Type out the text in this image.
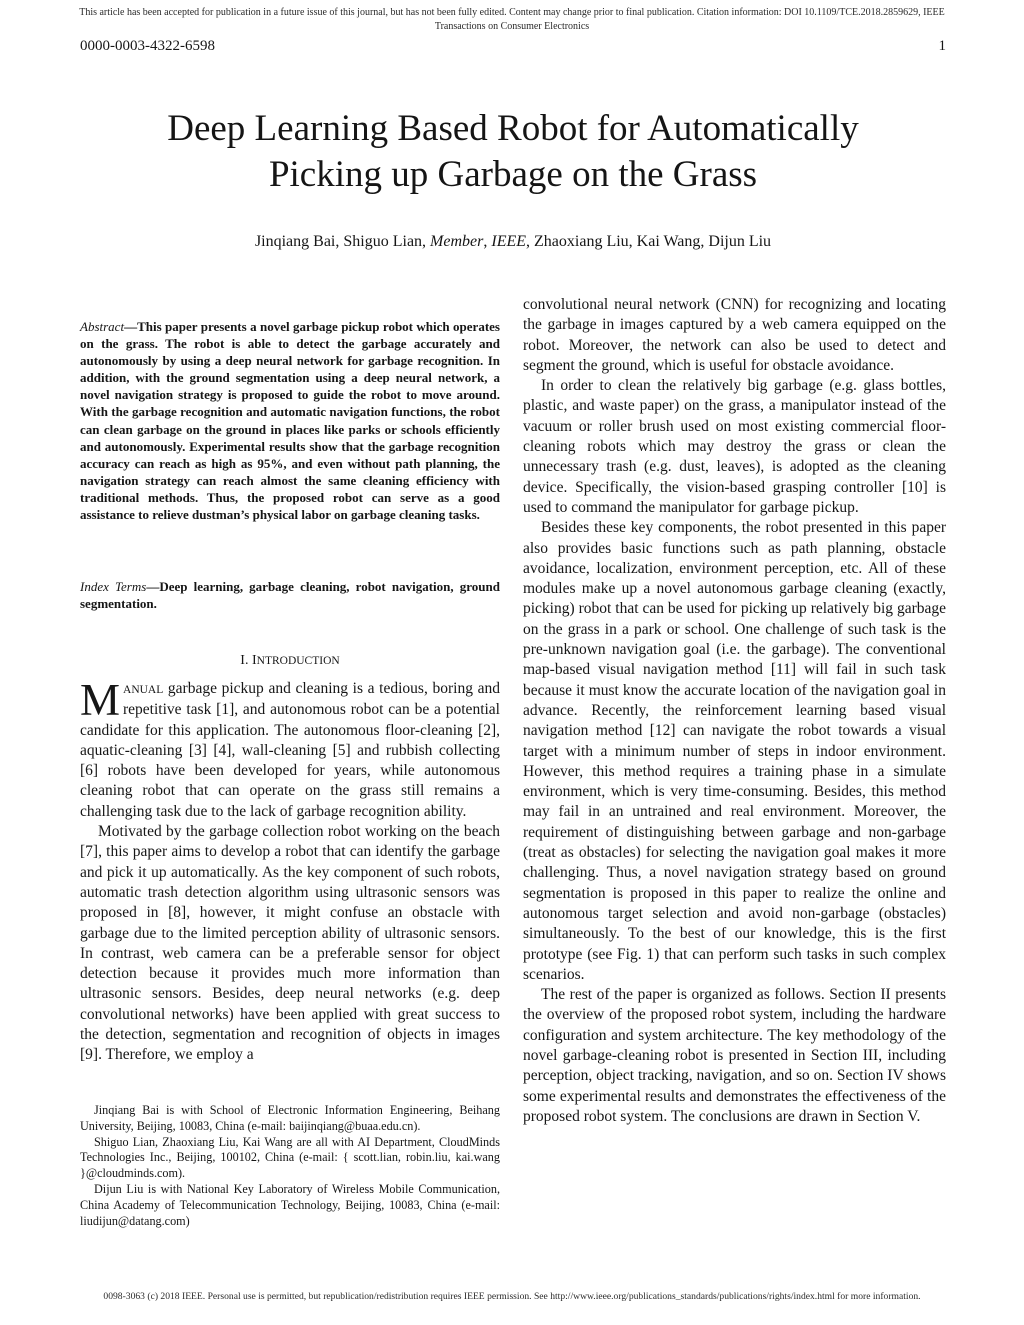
This article has been accepted for publication in a future issue of this journal, but has not been fully edited. Content may change prior to final publication. Citation information: DOI 10.1109/TCE.2018.2859629, IEEE
Transactions on Consumer Electronics
0000-0003-4322-6598	1
Deep Learning Based Robot for Automatically
Picking up Garbage on the Grass
Jinqiang Bai, Shiguo Lian, Member, IEEE, Zhaoxiang Liu, Kai Wang, Dijun Liu
Abstract—This paper presents a novel garbage pickup robot which operates on the grass. The robot is able to detect the garbage accurately and autonomously by using a deep neural network for garbage recognition. In addition, with the ground segmentation using a deep neural network, a novel navigation strategy is proposed to guide the robot to move around. With the garbage recognition and automatic navigation functions, the robot can clean garbage on the ground in places like parks or schools efficiently and autonomously. Experimental results show that the garbage recognition accuracy can reach as high as 95%, and even without path planning, the navigation strategy can reach almost the same cleaning efficiency with traditional methods. Thus, the proposed robot can serve as a good assistance to relieve dustman’s physical labor on garbage cleaning tasks.
Index Terms—Deep learning, garbage cleaning, robot navigation, ground segmentation.
I. INTRODUCTION

MANUAL garbage pickup and cleaning is a tedious, boring and repetitive task [1], and autonomous robot can be a potential candidate for this application. The autonomous floor-cleaning [2], aquatic-cleaning [3] [4], wall-cleaning [5] and rubbish collecting [6] robots have been developed for years, while autonomous cleaning robot that can operate on the grass still remains a challenging task due to the lack of garbage recognition ability.

Motivated by the garbage collection robot working on the beach [7], this paper aims to develop a robot that can identify the garbage and pick it up automatically. As the key component of such robots, automatic trash detection algorithm using ultrasonic sensors was proposed in [8], however, it might confuse an obstacle with garbage due to the limited perception ability of ultrasonic sensors. In contrast, web camera can be a preferable sensor for object detection because it provides much more information than ultrasonic sensors. Besides, deep neural networks (e.g. deep convolutional networks) have been applied with great success to the detection, segmentation and recognition of objects in images [9]. Therefore, we employ a

Jinqiang Bai is with School of Electronic Information Engineering, Beihang University, Beijing, 10083, China (e-mail: baijinqiang@buaa.edu.cn).

Shiguo Lian, Zhaoxiang Liu, Kai Wang are all with AI Department, CloudMinds Technologies Inc., Beijing, 100102, China (e-mail: { scott.lian, robin.liu, kai.wang }@cloudminds.com).

Dijun Liu is with National Key Laboratory of Wireless Mobile Communication, China Academy of Telecommunication Technology, Beijing, 10083, China (e-mail: liudijun@datang.com)

convolutional neural network (CNN) for recognizing and locating the garbage in images captured by a web camera equipped on the robot. Moreover, the network can also be used to detect and segment the ground, which is useful for obstacle avoidance.

In order to clean the relatively big garbage (e.g. glass bottles, plastic, and waste paper) on the grass, a manipulator instead of the vacuum or roller brush used on most existing commercial floor-cleaning robots which may destroy the grass or clean the unnecessary trash (e.g. dust, leaves), is adopted as the cleaning device. Specifically, the vision-based grasping controller [10] is used to command the manipulator for garbage pickup.

Besides these key components, the robot presented in this paper also provides basic functions such as path planning, obstacle avoidance, localization, environment perception, etc. All of these modules make up a novel autonomous garbage cleaning (exactly, picking) robot that can be used for picking up relatively big garbage on the grass in a park or school. One challenge of such task is the pre-unknown navigation goal (i.e. the garbage). The conventional map-based visual navigation method [11] will fail in such task because it must know the accurate location of the navigation goal in advance. Recently, the reinforcement learning based visual navigation method [12] can navigate the robot towards a visual target with a minimum number of steps in indoor environment. However, this method requires a training phase in a simulate environment, which is very time-consuming. Besides, this method may fail in an untrained and real environment. Moreover, the requirement of distinguishing between garbage and non-garbage (treat as obstacles) for selecting the navigation goal makes it more challenging. Thus, a novel navigation strategy based on ground segmentation is proposed in this paper to realize the online and autonomous target selection and avoid non-garbage (obstacles) simultaneously. To the best of our knowledge, this is the first prototype (see Fig. 1) that can perform such tasks in such complex scenarios.

The rest of the paper is organized as follows. Section II presents the overview of the proposed robot system, including the hardware configuration and system architecture. The key methodology of the novel garbage-cleaning robot is presented in Section III, including perception, object tracking, navigation, and so on. Section IV shows some experimental results and demonstrates the effectiveness of the proposed robot system. The conclusions are drawn in Section V.

0098-3063 (c) 2018 IEEE. Personal use is permitted, but republication/redistribution requires IEEE permission. See http://www.ieee.org/publications_standards/publications/rights/index.html for more information.
